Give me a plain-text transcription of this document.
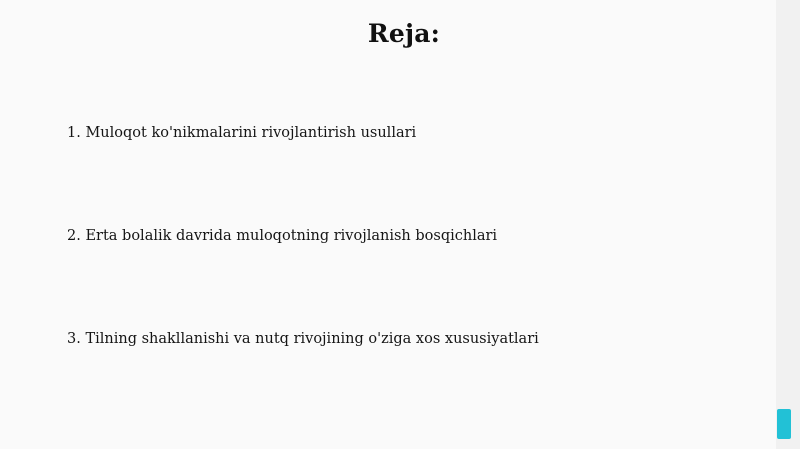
Reja:
1. Muloqot ko'nikmalarini rivojlantirish usullari
2. Erta bolalik davrida muloqotning rivojlanish bosqichlari
3. Tilning shakllanishi va nutq rivojining o'ziga xos xususiyatlari
